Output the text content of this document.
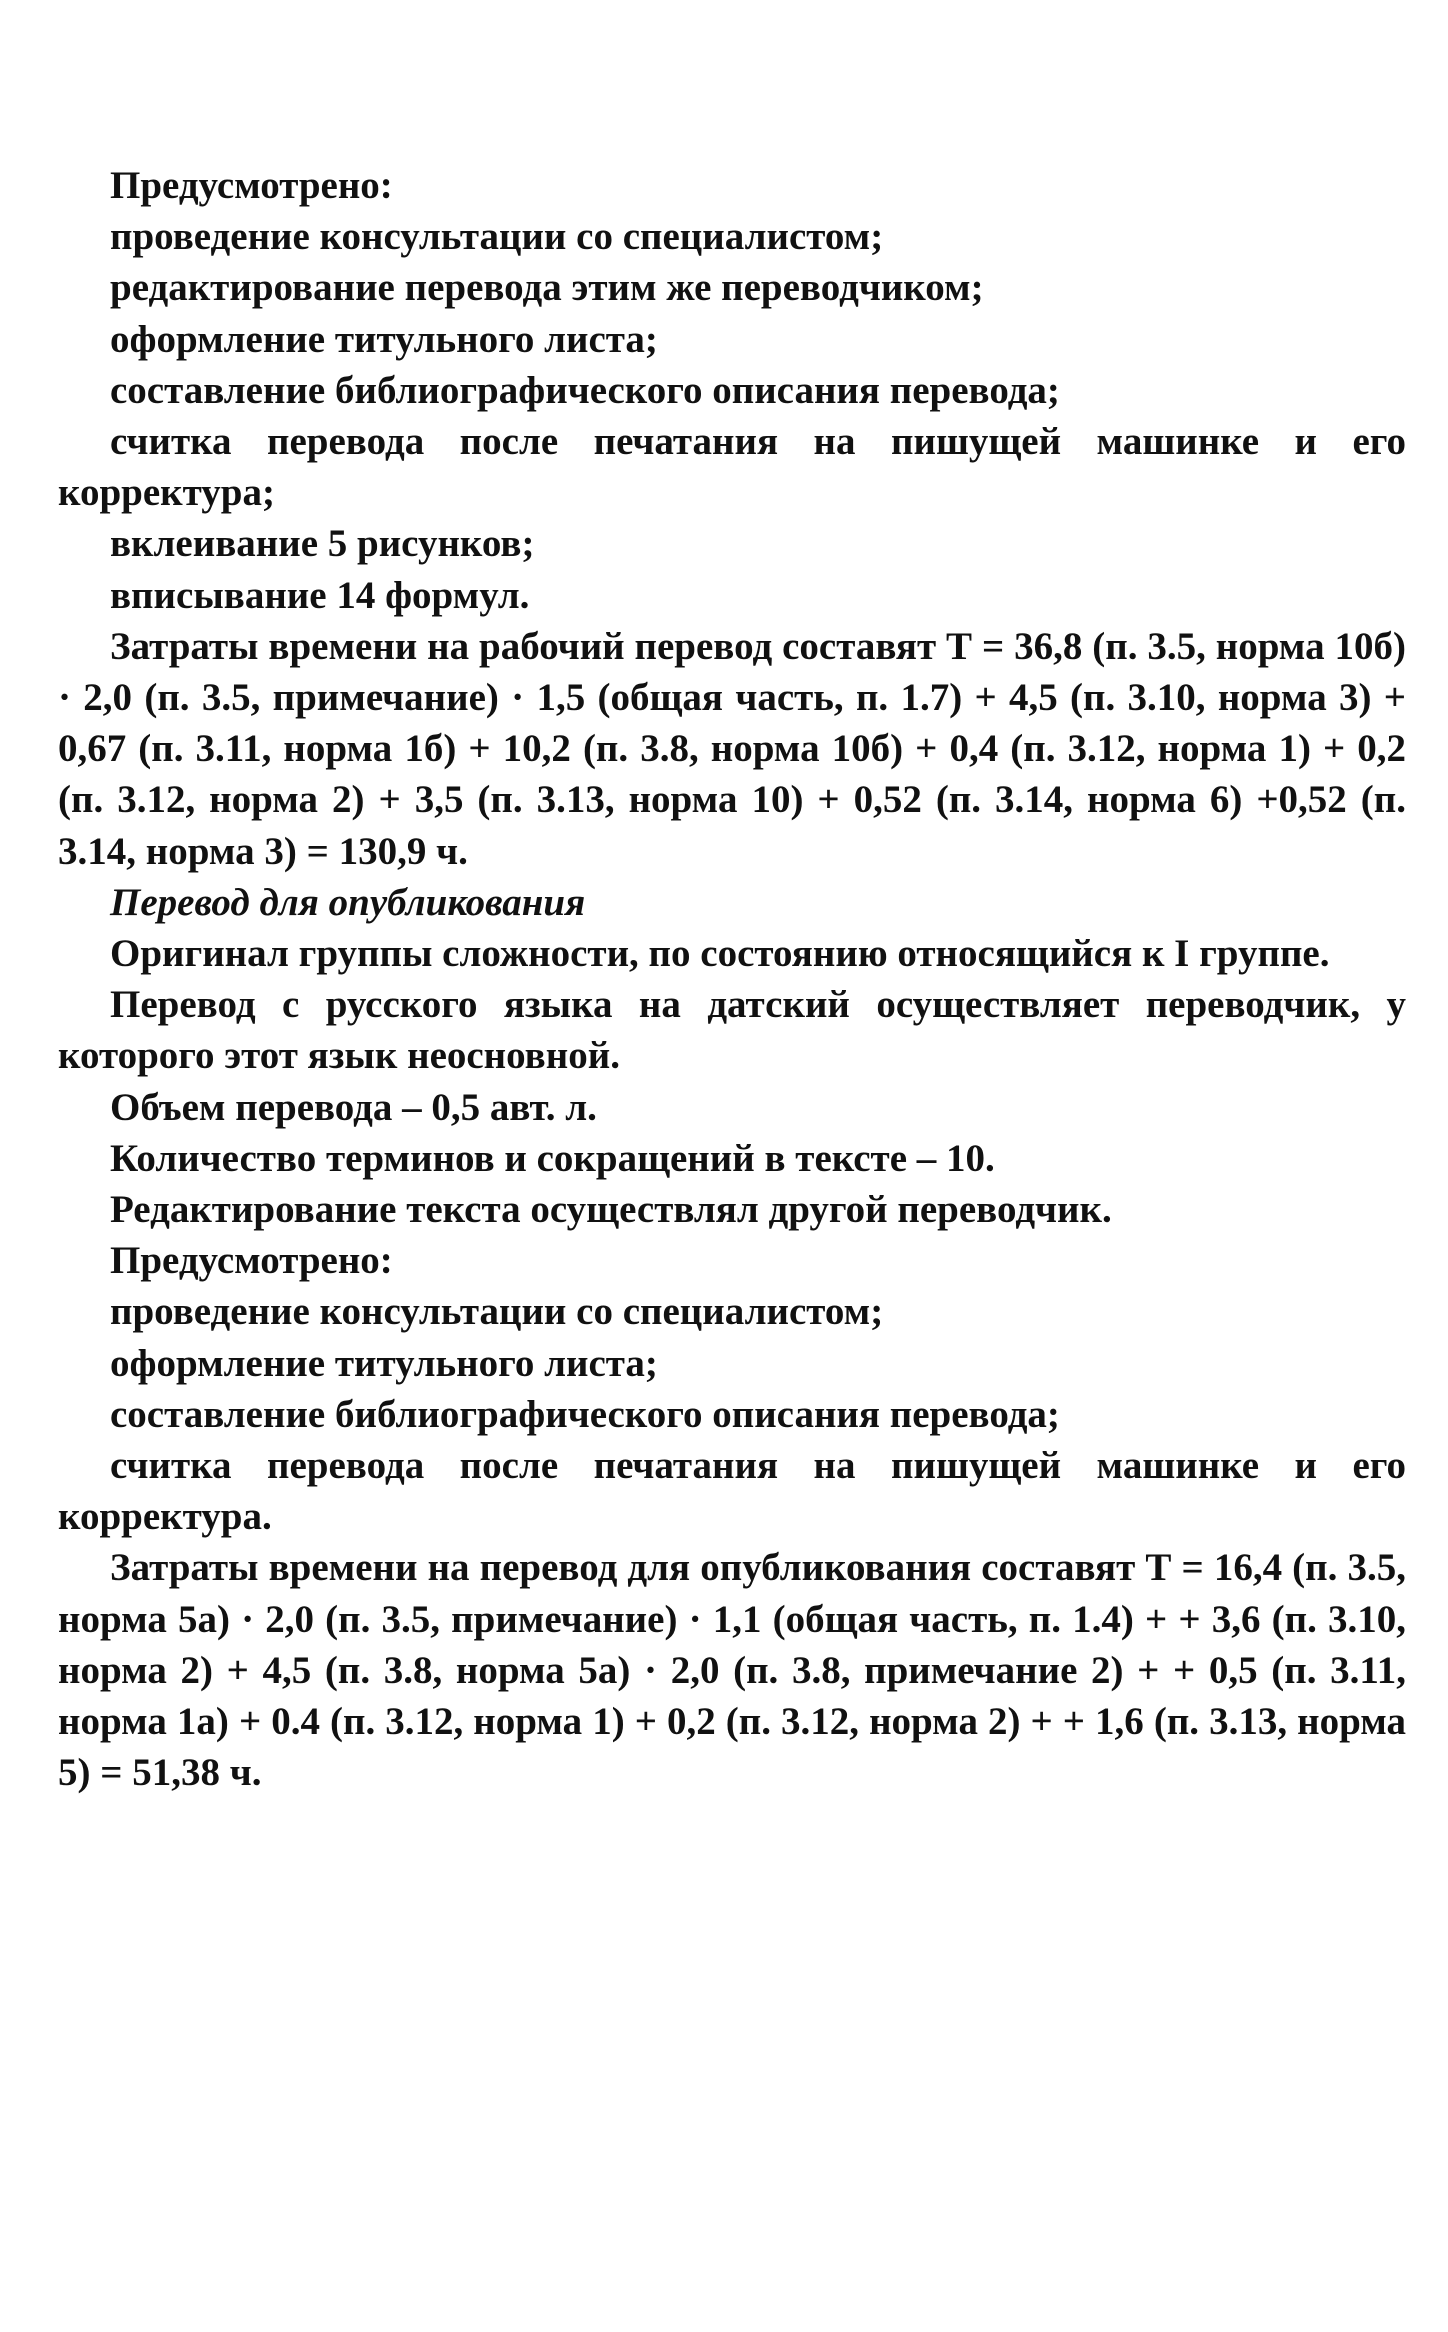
Предусмотрено:

проведение консультации со специалистом;

редактирование перевода этим же переводчиком;

оформление титульного листа;

составление библиографического описания перевода;

считка перевода после печатания на пишущей машинке и его корректура;

вклеивание 5 рисунков;

вписывание 14 формул.

Затраты времени на рабочий перевод составят Т = 36,8 (п. 3.5, норма 10б) · 2,0 (п. 3.5, примечание) · 1,5 (общая часть, п. 1.7) + 4,5 (п. 3.10, норма 3) + 0,67 (п. 3.11, норма 1б) + 10,2 (п. 3.8, норма 10б) + 0,4 (п. 3.12, норма 1) + 0,2 (п. 3.12, норма 2) + 3,5 (п. 3.13, норма 10) + 0,52 (п. 3.14, норма 6) +0,52 (п. 3.14, норма 3) = 130,9 ч.

Перевод для опубликования

Оригинал группы сложности, по состоянию относящийся к I группе.

Перевод с русского языка на датский осуществляет переводчик, у которого этот язык неосновной.

Объем перевода – 0,5 авт. л.

Количество терминов и сокращений в тексте – 10.

Редактирование текста осуществлял другой переводчик.

Предусмотрено:

проведение консультации со специалистом;

оформление титульного листа;

составление библиографического описания перевода;

считка перевода после печатания на пишущей машинке и его корректура.

Затраты времени на перевод для опубликования составят Т = 16,4 (п. 3.5, норма 5а) · 2,0 (п. 3.5, примечание) · 1,1 (общая часть, п. 1.4) + + 3,6 (п. 3.10, норма 2) + 4,5 (п. 3.8, норма 5а) · 2,0 (п. 3.8, примечание 2) + + 0,5 (п. 3.11, норма 1а) + 0.4 (п. 3.12, норма 1) + 0,2 (п. 3.12, норма 2) + + 1,6 (п. 3.13, норма 5) = 51,38 ч.
